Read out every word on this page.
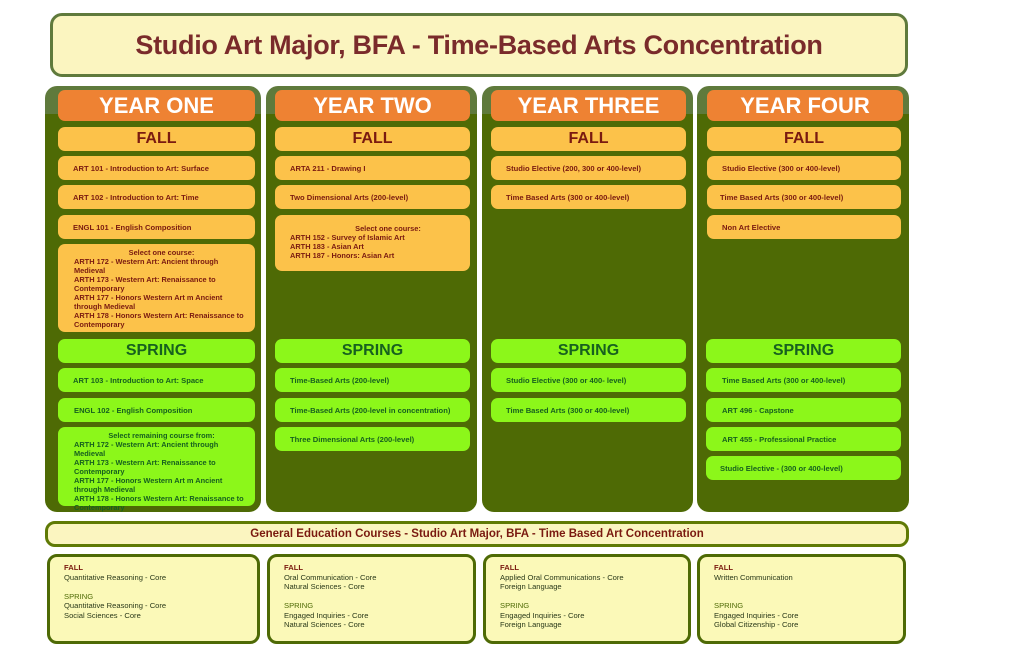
Studio Art Major, BFA - Time-Based Arts Concentration
YEAR ONE
FALL
ART 101 - Introduction to Art: Surface
ART 102 - Introduction to Art: Time
ENGL 101 - English Composition
Select one course:
ARTH 172 - Western Art: Ancient through Medieval
ARTH 173 - Western Art: Renaissance to Contemporary
ARTH 177 - Honors Western Art m Ancient through Medieval
ARTH 178 - Honors Western Art: Renaissance to Contemporary
SPRING
ART 103 - Introduction to Art: Space
ENGL 102 - English Composition
Select remaining course from:
ARTH 172 - Western Art: Ancient through Medieval
ARTH 173 - Western Art: Renaissance to Contemporary
ARTH 177 - Honors Western Art m Ancient through Medieval
ARTH 178 - Honors Western Art: Renaissance to Contemporary
YEAR TWO
FALL
ARTA 211 - Drawing I
Two Dimensional Arts (200-level)
Select one course:
ARTH 152 - Survey of Islamic Art
ARTH 183 - Asian Art
ARTH 187 - Honors: Asian Art
SPRING
Time-Based Arts (200-level)
Time-Based Arts (200-level in concentration)
Three Dimensional Arts (200-level)
YEAR THREE
FALL
Studio Elective (200, 300 or 400-level)
Time Based Arts (300 or 400-level)
SPRING
Studio Elective (300 or 400- level)
Time Based Arts (300 or 400-level)
YEAR FOUR
FALL
Studio Elective (300 or 400-level)
Time Based Arts (300 or 400-level)
Non Art Elective
SPRING
Time Based Arts (300 or 400-level)
ART 496 - Capstone
ART 455 - Professional Practice
Studio Elective - (300 or 400-level)
General Education Courses - Studio Art Major, BFA - Time Based Art Concentration
FALL
Quantitative Reasoning - Core
SPRING
Quantitative Reasoning - Core
Social Sciences - Core
FALL
Oral Communication - Core
Natural Sciences - Core
SPRING
Engaged Inquiries - Core
Natural Sciences - Core
FALL
Applied Oral Communications - Core
Foreign Language
SPRING
Engaged Inquiries - Core
Foreign Language
FALL
Written Communication
SPRING
Engaged Inquiries - Core
Global Citizenship - Core
